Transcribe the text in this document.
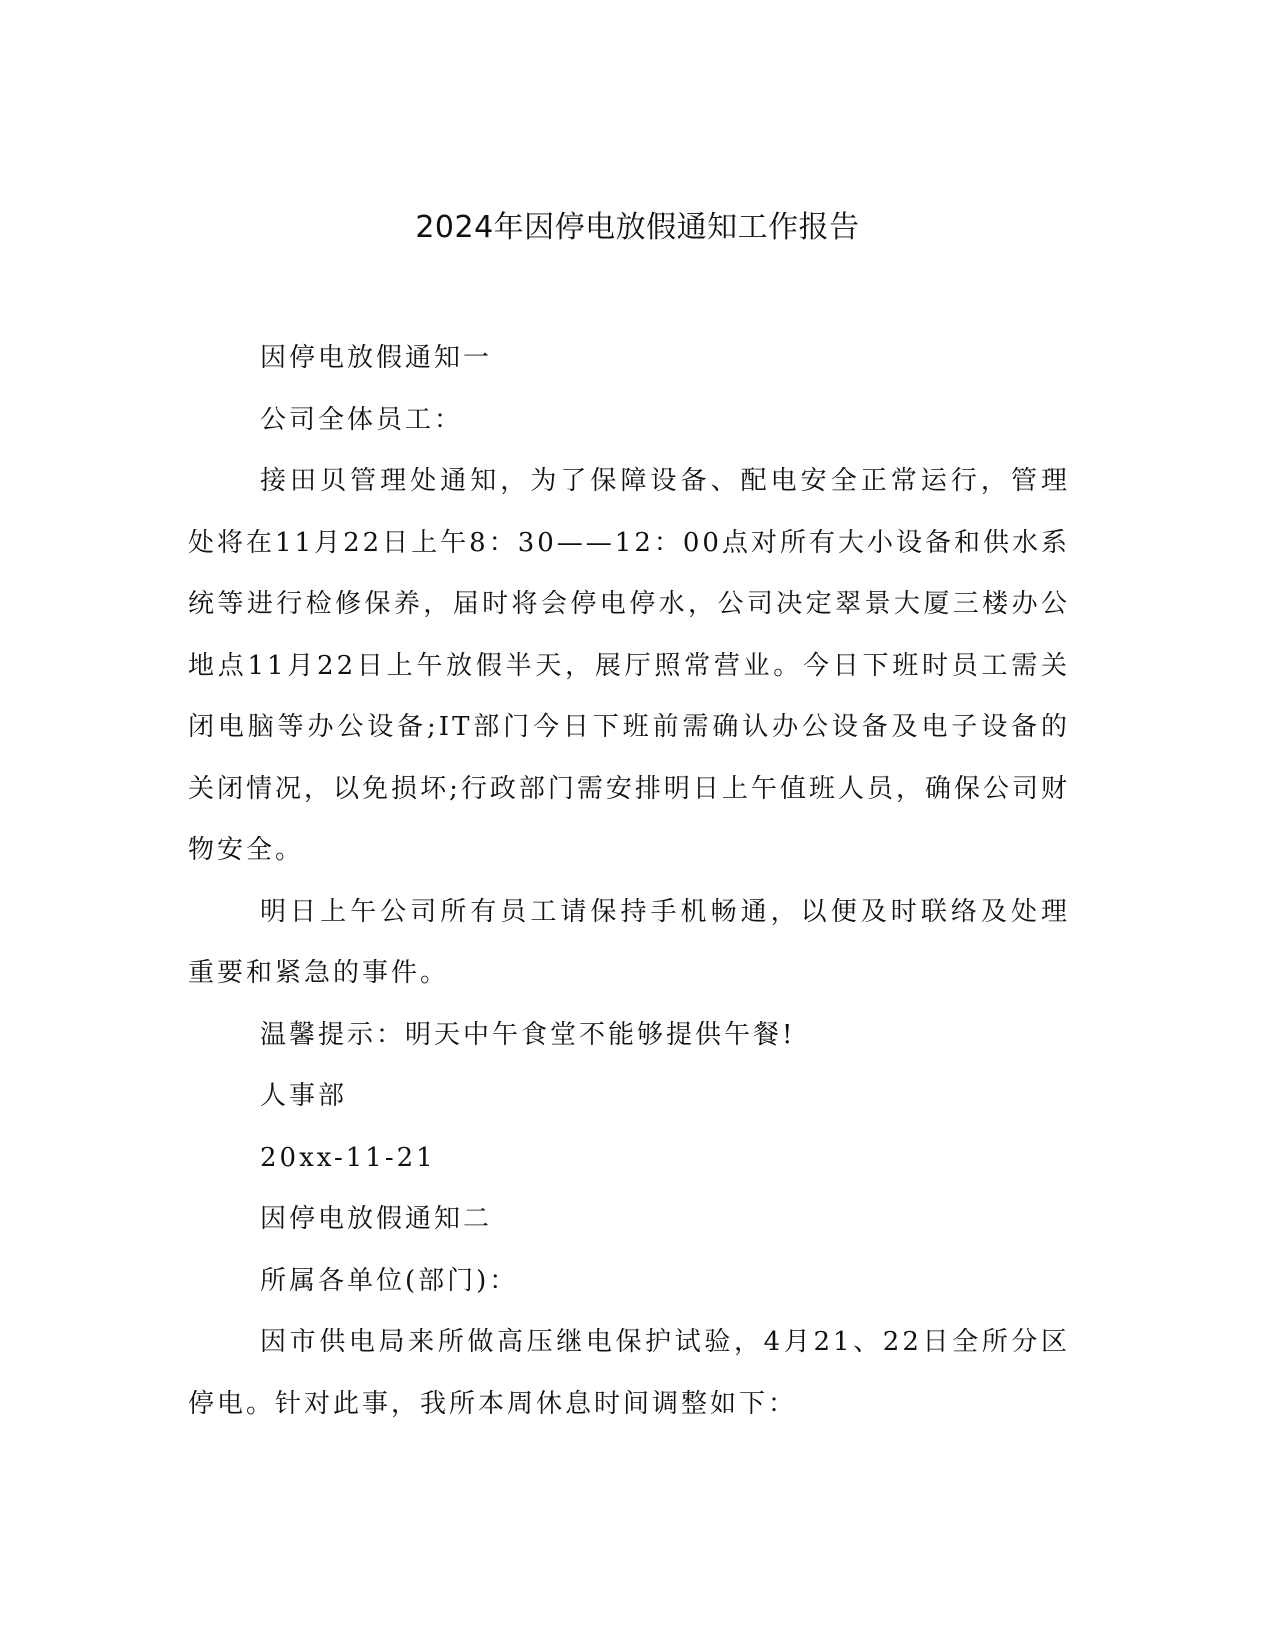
2024年因停电放假通知工作报告

因停电放假通知一

公司全体员工：

接田贝管理处通知，为了保障设备、配电安全正常运行，管理处将在11月22日上午8：30——12：00点对所有大小设备和供水系统等进行检修保养，届时将会停电停水，公司决定翠景大厦三楼办公地点11月22日上午放假半天，展厅照常营业。今日下班时员工需关闭电脑等办公设备;IT部门今日下班前需确认办公设备及电子设备的关闭情况，以免损坏;行政部门需安排明日上午值班人员，确保公司财物安全。

明日上午公司所有员工请保持手机畅通，以便及时联络及处理重要和紧急的事件。

温馨提示：明天中午食堂不能够提供午餐!

人事部

20xx-11-21

因停电放假通知二

所属各单位(部门)：

因市供电局来所做高压继电保护试验，4月21、22日全所分区停电。针对此事，我所本周休息时间调整如下：
